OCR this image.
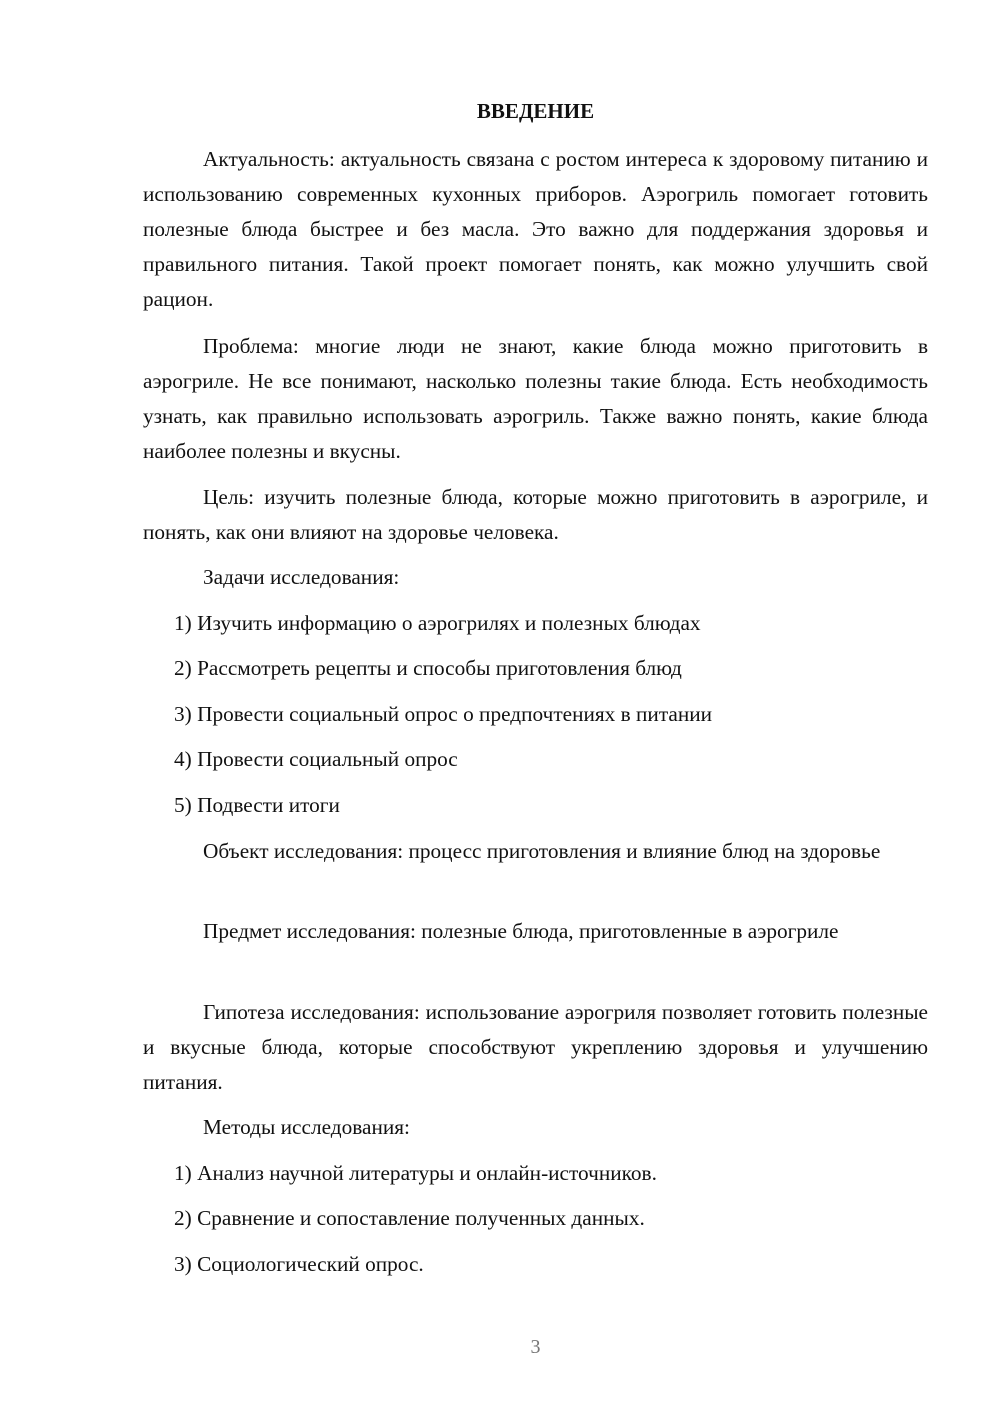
ВВЕДЕНИЕ

Актуальность: актуальность связана с ростом интереса к здоровому питанию и использованию современных кухонных приборов. Аэрогриль помогает готовить полезные блюда быстрее и без масла. Это важно для поддержания здоровья и правильного питания. Такой проект помогает понять, как можно улучшить свой рацион.

Проблема: многие люди не знают, какие блюда можно приготовить в аэрогриле. Не все понимают, насколько полезны такие блюда. Есть необходимость узнать, как правильно использовать аэрогриль. Также важно понять, какие блюда наиболее полезны и вкусны.

Цель: изучить полезные блюда, которые можно приготовить в аэрогриле, и понять, как они влияют на здоровье человека.

Задачи исследования:
1) Изучить информацию о аэрогрилях и полезных блюдах
2) Рассмотреть рецепты и способы приготовления блюд
3) Провести социальный опрос о предпочтениях в питании
4) Провести социальный опрос
5) Подвести итоги

Объект исследования: процесс приготовления и влияние блюд на здоровье

Предмет исследования: полезные блюда, приготовленные в аэрогриле

Гипотеза исследования: использование аэрогриля позволяет готовить полезные и вкусные блюда, которые способствуют укреплению здоровья и улучшению питания.

Методы исследования:
1) Анализ научной литературы и онлайн-источников.
2) Сравнение и сопоставление полученных данных.
3) Социологический опрос.
3
